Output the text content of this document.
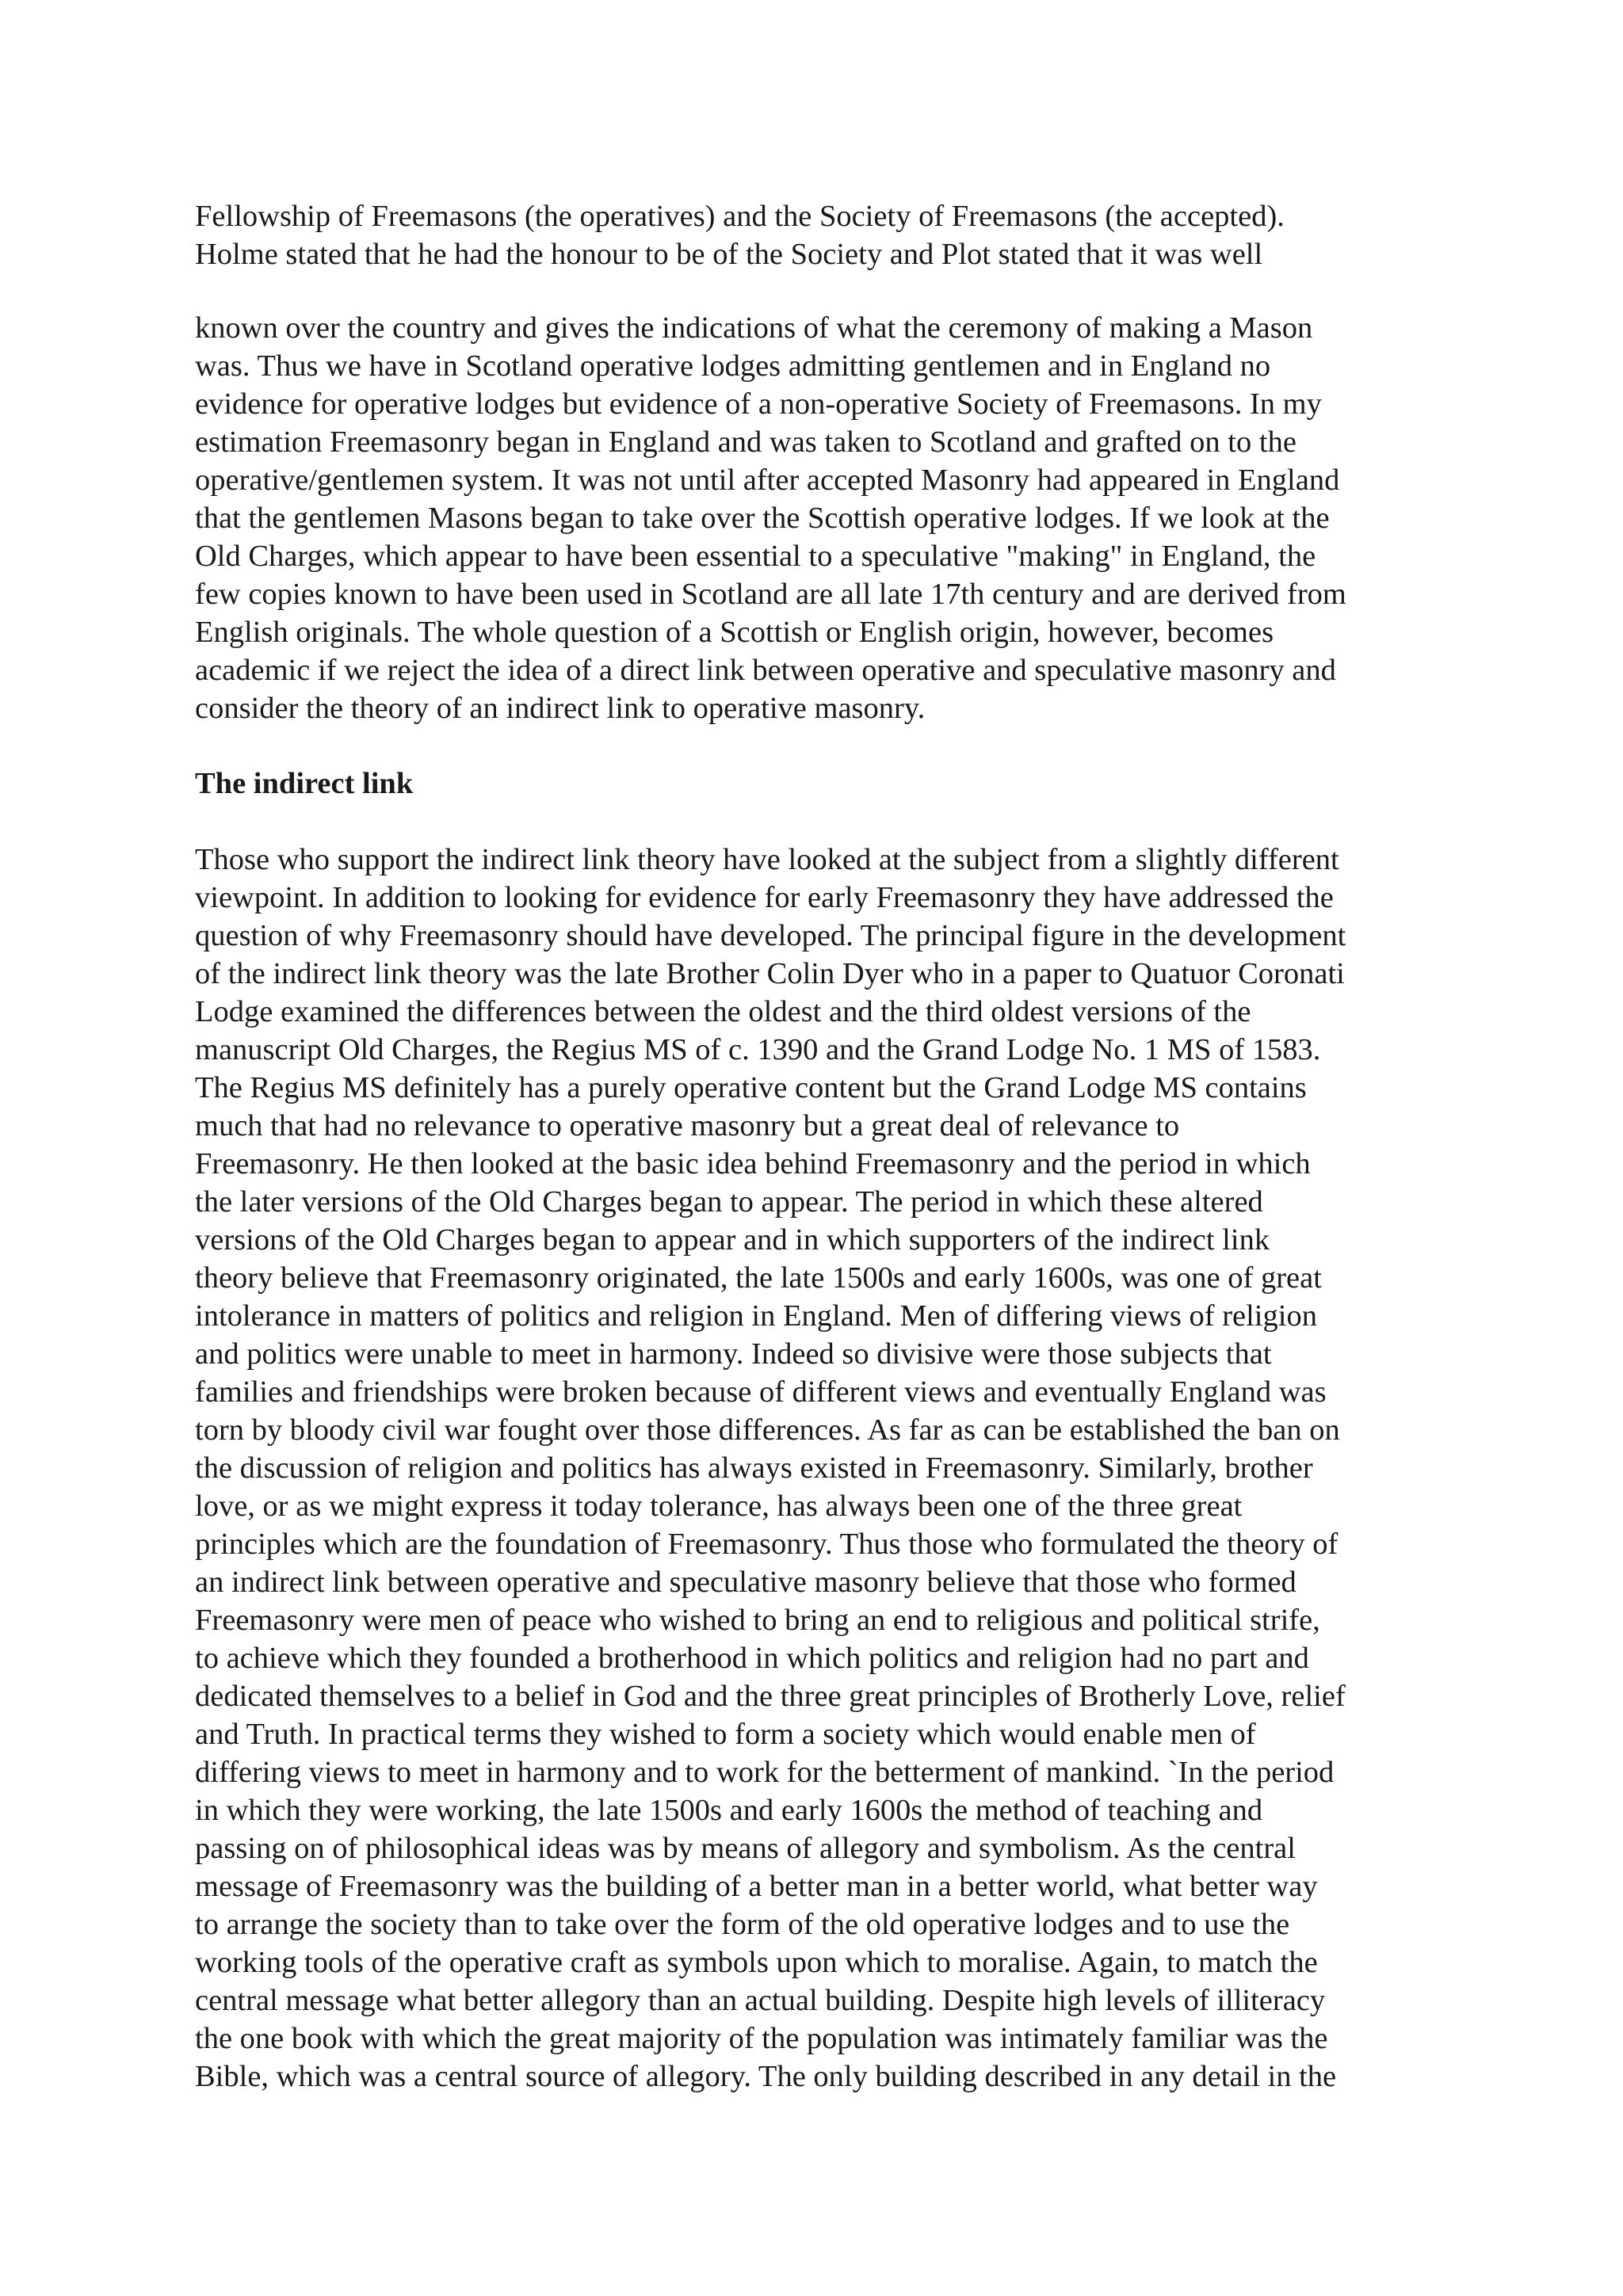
Fellowship of Freemasons (the operatives) and the Society of Freemasons (the accepted).
Holme stated that he had the honour to be of the Society and Plot stated that it was well
known over the country and gives the indications of what the ceremony of making a Mason
was. Thus we have in Scotland operative lodges admitting gentlemen and in England no
evidence for operative lodges but evidence of a non-operative Society of Freemasons. In my
estimation Freemasonry began in England and was taken to Scotland and grafted on to the
operative/gentlemen system. It was not until after accepted Masonry had appeared in England
that the gentlemen Masons began to take over the Scottish operative lodges. If we look at the
Old Charges, which appear to have been essential to a speculative "making" in England, the
few copies known to have been used in Scotland are all late 17th century and are derived from
English originals. The whole question of a Scottish or English origin, however, becomes
academic if we reject the idea of a direct link between operative and speculative masonry and
consider the theory of an indirect link to operative masonry.
The indirect link
Those who support the indirect link theory have looked at the subject from a slightly different
viewpoint. In addition to looking for evidence for early Freemasonry they have addressed the
question of why Freemasonry should have developed. The principal figure in the development
of the indirect link theory was the late Brother Colin Dyer who in a paper to Quatuor Coronati
Lodge examined the differences between the oldest and the third oldest versions of the
manuscript Old Charges, the Regius MS of c. 1390 and the Grand Lodge No. 1 MS of 1583.
The Regius MS definitely has a purely operative content but the Grand Lodge MS contains
much that had no relevance to operative masonry but a great deal of relevance to
Freemasonry. He then looked at the basic idea behind Freemasonry and the period in which
the later versions of the Old Charges began to appear. The period in which these altered
versions of the Old Charges began to appear and in which supporters of the indirect link
theory believe that Freemasonry originated, the late 1500s and early 1600s, was one of great
intolerance in matters of politics and religion in England. Men of differing views of religion
and politics were unable to meet in harmony. Indeed so divisive were those subjects that
families and friendships were broken because of different views and eventually England was
torn by bloody civil war fought over those differences. As far as can be established the ban on
the discussion of religion and politics has always existed in Freemasonry. Similarly, brother
love, or as we might express it today tolerance, has always been one of the three great
principles which are the foundation of Freemasonry. Thus those who formulated the theory of
an indirect link between operative and speculative masonry believe that those who formed
Freemasonry were men of peace who wished to bring an end to religious and political strife,
to achieve which they founded a brotherhood in which politics and religion had no part and
dedicated themselves to a belief in God and the three great principles of Brotherly Love, relief
and Truth. In practical terms they wished to form a society which would enable men of
differing views to meet in harmony and to work for the betterment of mankind. `In the period
in which they were working, the late 1500s and early 1600s the method of teaching and
passing on of philosophical ideas was by means of allegory and symbolism. As the central
message of Freemasonry was the building of a better man in a better world, what better way
to arrange the society than to take over the form of the old operative lodges and to use the
working tools of the operative craft as symbols upon which to moralise. Again, to match the
central message what better allegory than an actual building. Despite high levels of illiteracy
the one book with which the great majority of the population was intimately familiar was the
Bible, which was a central source of allegory. The only building described in any detail in the
